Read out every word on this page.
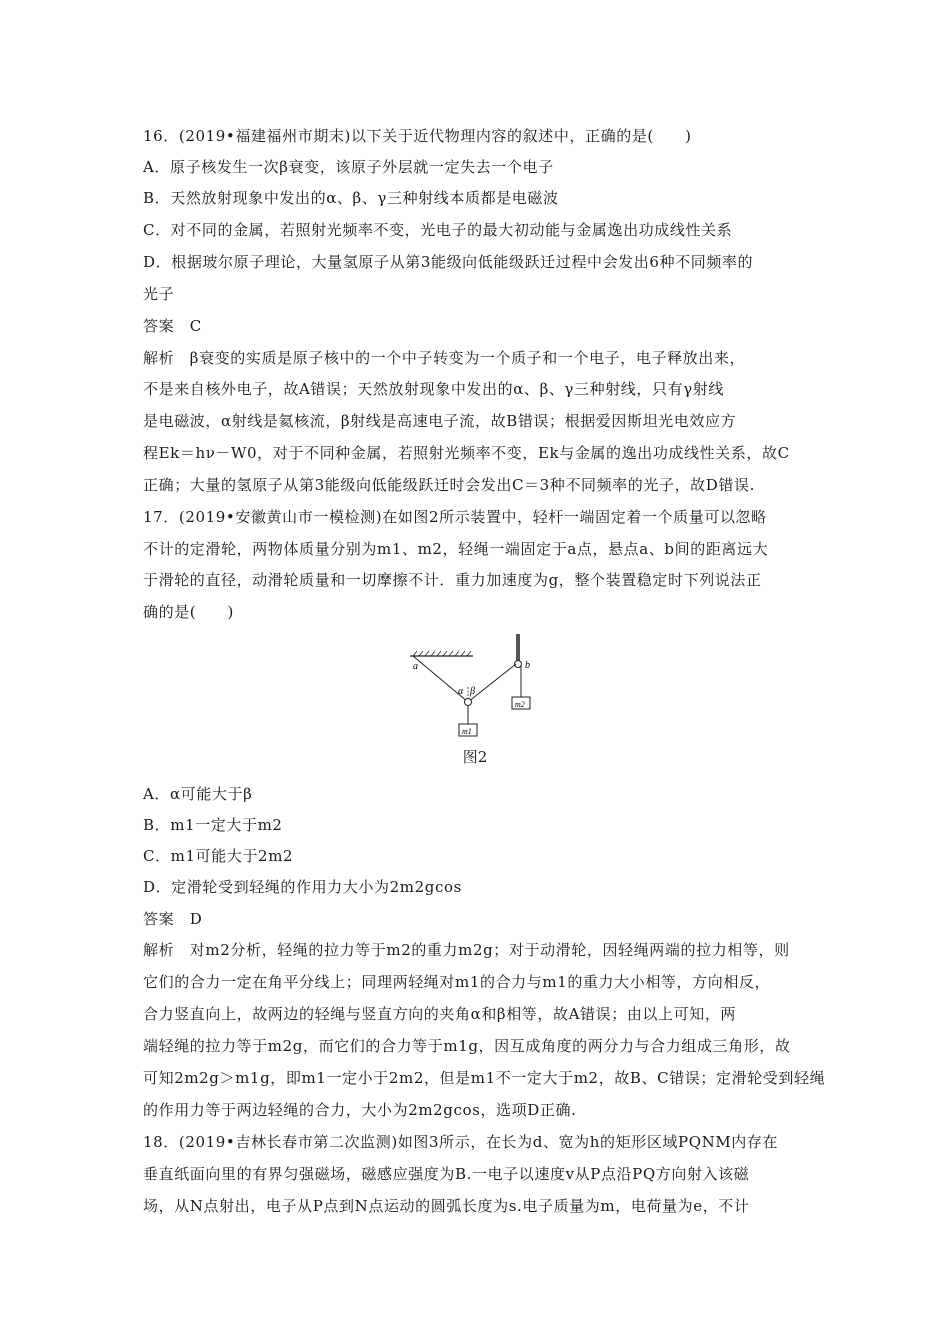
16．(2019•福建福州市期末)以下关于近代物理内容的叙述中，正确的是(　　)
A．原子核发生一次β衰变，该原子外层就一定失去一个电子
B．天然放射现象中发出的α、β、γ三种射线本质都是电磁波
C．对不同的金属，若照射光频率不变，光电子的最大初动能与金属逸出功成线性关系
D．根据玻尔原子理论，大量氢原子从第3能级向低能级跃迁过程中会发出6种不同频率的
光子
答案　C
解析　β衰变的实质是原子核中的一个中子转变为一个质子和一个电子，电子释放出来，
不是来自核外电子，故A错误；天然放射现象中发出的α、β、γ三种射线，只有γ射线
是电磁波，α射线是氦核流，β射线是高速电子流，故B错误；根据爱因斯坦光电效应方
程Ek＝hν－W0，对于不同种金属，若照射光频率不变，Ek与金属的逸出功成线性关系，故C
正确；大量的氢原子从第3能级向低能级跃迁时会发出C＝3种不同频率的光子，故D错误.
17．(2019•安徽黄山市一模检测)在如图2所示装置中，轻杆一端固定着一个质量可以忽略
不计的定滑轮，两物体质量分别为m1、m2，轻绳一端固定于a点，悬点a、b间的距离远大
于滑轮的直径，动滑轮质量和一切摩擦不计．重力加速度为g，整个装置稳定时下列说法正
确的是(　　)
a	b
α β
m1
m2
图2
A．α可能大于β
B．m1一定大于m2
C．m1可能大于2m2
D．定滑轮受到轻绳的作用力大小为2m2gcos
答案　D
解析　对m2分析，轻绳的拉力等于m2的重力m2g；对于动滑轮，因轻绳两端的拉力相等，则
它们的合力一定在角平分线上；同理两轻绳对m1的合力与m1的重力大小相等，方向相反，
合力竖直向上，故两边的轻绳与竖直方向的夹角α和β相等，故A错误；由以上可知，两
端轻绳的拉力等于m2g，而它们的合力等于m1g，因互成角度的两分力与合力组成三角形，故
可知2m2g＞m1g，即m1一定小于2m2，但是m1不一定大于m2，故B、C错误；定滑轮受到轻绳
的作用力等于两边轻绳的合力，大小为2m2gcos，选项D正确.
18．(2019•吉林长春市第二次监测)如图3所示，在长为d、宽为h的矩形区域PQNM内存在
垂直纸面向里的有界匀强磁场，磁感应强度为B.一电子以速度v从P点沿PQ方向射入该磁
场，从N点射出，电子从P点到N点运动的圆弧长度为s.电子质量为m，电荷量为e，不计
